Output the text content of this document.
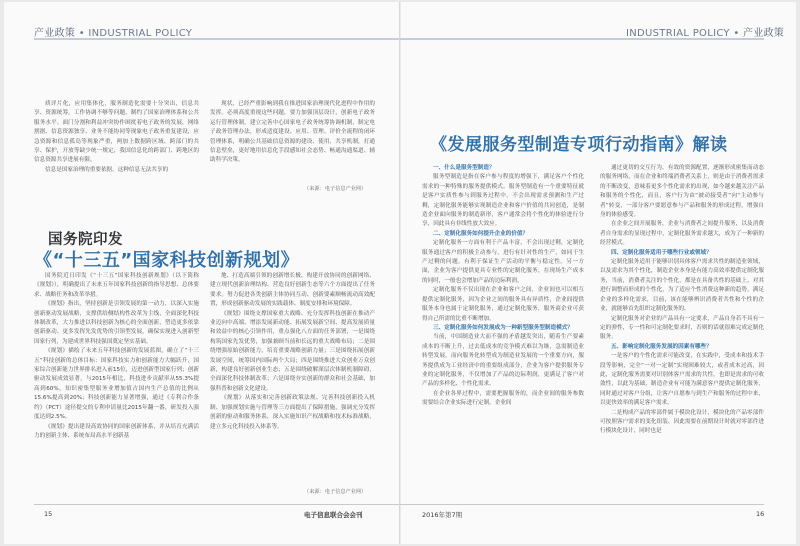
产业政策 • INDUSTRIAL POLICY

质评片化，应用集体化，服务制造化需要十分突出，信息共享、资源统筹，工作协调不够等问题，制约了国家治理体系和公共服务水平。面门分割和利益冲突协作困扰着电子政务的发展，网络割据、信息资源独享、业务不能协同等现象电子政务重复建设，应急资源和信息孤岛等现象严重，两加上数据跨区域、跨部门的共享、保护，开放等缺少统一规定，我国信息化的跨部门、跨地区的信息资源共享进展有限。

信息是国家治理的重要依据，这种信息无法共享的

现状，已经严重影响到我在推进国家治理现代化进程中作用的发挥。必须高度重视这些问题，要力加强顶层设计，创新电子政务运行管理体制，建立完善中心国家电子政务统筹协调机制，制定电子政务管理办法，形成适度建设、应用、管理、评价全流程的闭环管理体系，明确公共基础信息资源的建设、使用、共享机制，打通信息壁垒，更好地用信息化手段感知社会态势、畅通沟通渠道、辅助科学决策。

（来源：电子信息产业网）
国务院印发
《“十三五”国家科技创新规划》

国务院近日印发《“十三五”国家科技创新规划》（以下简称《规划》），明确提出了未来五年国家科技创新的指导思想、总体要求、战略任务和改革举措。

《规划》指出，坚持创新是引领发展的第一动力，以深入实施创新驱动发展战略，支撑供给侧结构性改革为主线，全面深化科技体制改革，大力推进以科技创新为核心的全面创新，塑造更多依靠创新驱动、更多发挥先发优势的引领型发展，确保实现进入创新型国家行列，为建成世界科技强国奠定坚实基础。

《规划》描绘了未来五年科技创新的发展蓝图，确立了“十三五”科技创新的总体目标：国家科技实力和创新能力大幅跃升，国家综合创新能力世界排名进入前15位，迈进创新型国家行列；创新驱动发展成效显著，与2015年相比，科技进步贡献率从55.3%提高到60%，知识密集型服务业增加值占国内生产总值的比例从15.6%提高到20%；科技创新能力显著增强，通过《专利合作条约》（PCT）途径提交的专利申请量比2015年翻一番，研发投入强度达到2.5%。

《规划》提出建设高效协同的国家创新体系，并从培育充满活力的创新主体、系统布局高水平创新基

地、打造高端引领的创新增长极、构建开放协同的创新网络、建立现代创新治理结构、营造良好创新生态等六个方面提出了任务要求。努力促进各类创新主体协同互动、创新要素顺畅流动高效配置，形成创新驱动发展的实践载体、制度安排和环境保障。

《规划》围绕支撑国家重大战略、充分发挥科技创新在推动产业迈向中高端、增添发展新动能、拓展发展新空间、提高发展质量和效益中的核心引领作用，重点强化八方面的任务部署，一是围绕构筑国家先发优势，加强兼顾当前和长远的重大战略布局；二是围绕增强原始创新能力，培育重要战略创新力量；三是围绕拓展创新发展空间，统筹国内国际两个大局；四是围绕推进大众创业万众创新，构建良好创新创业生态；五是围绕破解深层次体制机制障碍，全面深化科技体制改革；六是围绕夯实创新的群众和社会基础，加强科普和创新文化建设。

《规划》从落实和完善创新政策法规、完善科技创新投入机制、加强规划实施与管理等三方面提出了保障措施，强调充分发挥创新的驱动和服务体系，深入实施知识产权战略和技术标准战略，建立多元化科技投入体系等。

（来源：电子信息产业网）
15	电子信息联合会会刊
INDUSTRIAL POLICY • 产业政策
《发展服务型制造专项行动指南》解读

一、什么是服务型制造？

服务型制造是指在客户参与程度的增强下，满足客户个性化需求的一种特殊的服务提供模式。服务型制造有一个重要特征就是客户实质性参与到服务过程中，不会出现需求预测和生产过剩，定制化服务能够实现制造企业和客户价值的共同创造，是制造企业面向服务的制造新形，客户通常会将个性化的体验进行分享，因此具有非线性放大效应。

二、定制化服务如何提升企业的价值？

定制化服务一方面有利于产品丰富，不会出现过剩，定制化服务通过客户的积极主动参与，进行有针对性的生产，如同于生产过剩的问题，有利于保证生产活动的平衡与稳定性。另一方面，企业为客户提供更具专业性的定制化服务，在现场生产成本的同时，一般也会增加产品的边际利润。

定制化服务不仅出现在企业和客户之间，企业间也可以相互提供定制化服务，因为企业之间的服务具有异质性，企业间提供服务本身也属于定制化服务，通过定制化服务，服务商企业可获得自己所需的比重不断增加。

三、定制化服务如何发展成为一种新型服务型制造模式？

当前，中国制造业大而不强的矛盾越发突出，随着生产要素成本的不断上升，过去低成本的竞争模式难以为继，急需制造业转型发展。而向服务化转型成为制造业发展的一个重要方向，服务提供成为工业经济中的重要组成部分，企业为客户提供服务专业的定制化服务，不仅增加了产品的边际利润，更满足了客户对产品的多样化、个性化需求。

在企业各界过程中，需要把握服务的，而企业间的服务参数需要结合企业实际进行定制，企业间

通过更切的交互行为，有效的资源配置，逐渐形成密集而动态的服务网络，而在企业和终端消费者关系上，则是由于消费者需求的不断改变，意味着更多个性化需求的出现，如今越来越关注产品和服务的个性化，而且，客户行为由“被动接受者”向“主动参与者”转变，一部分客户要愿意参与产品和服务的形成过程，增强自身的体验感受。

在企业之间开展服务，企业与消费者之间提升服务，以及消费者自身需求的显现过程中，定制化服务需求越大，成为了一种新的经营模式。

四、定制化服务适用于哪些行业或领域？

定制化服务适用于能够识别具体客户需求共性的制造业领域，以及需求为其个性化，制造企业本身是有能力高效率提供定制化服务，当前，消费者关注的个性化，都是在具备共性的基础上，对其进行调整而形成的个性化，为了适应个性消费这种新的趋势，满足企业的多样化需求，目前，该在能够辨识消费者共性和个性的企业，就能够首先组织定制化服务的。

定制化服务对企业的产品具有一定要求，产品自身若不具有一定的弹性，专一性和可定制化要求时，否则的话就很难完成定制化服务。

五、影响定制化服务发展的因素有哪些？

一是客户的个性化需求可能改变，在实践中，受成本和技术手段等影响，完全“一对一定制”实现困难较大，或者成本过高，因此，定制化服务需要对识别体客户需求的共性，也即是需求的可收敛性，以此为基础，制造企业有可能为满意客户提供定制化服务，同时通过对客户分组，让客户自愿参与到生产和服务的过程中来，以更快效率的满足客户需求。

二是构成产品的零部件属于模块化设计，模块化的产品零部件可按照客户需求的变化组装、因此需要在前期设计时就对零部件进行模块化设计，同时也是

2016年第7期	16
